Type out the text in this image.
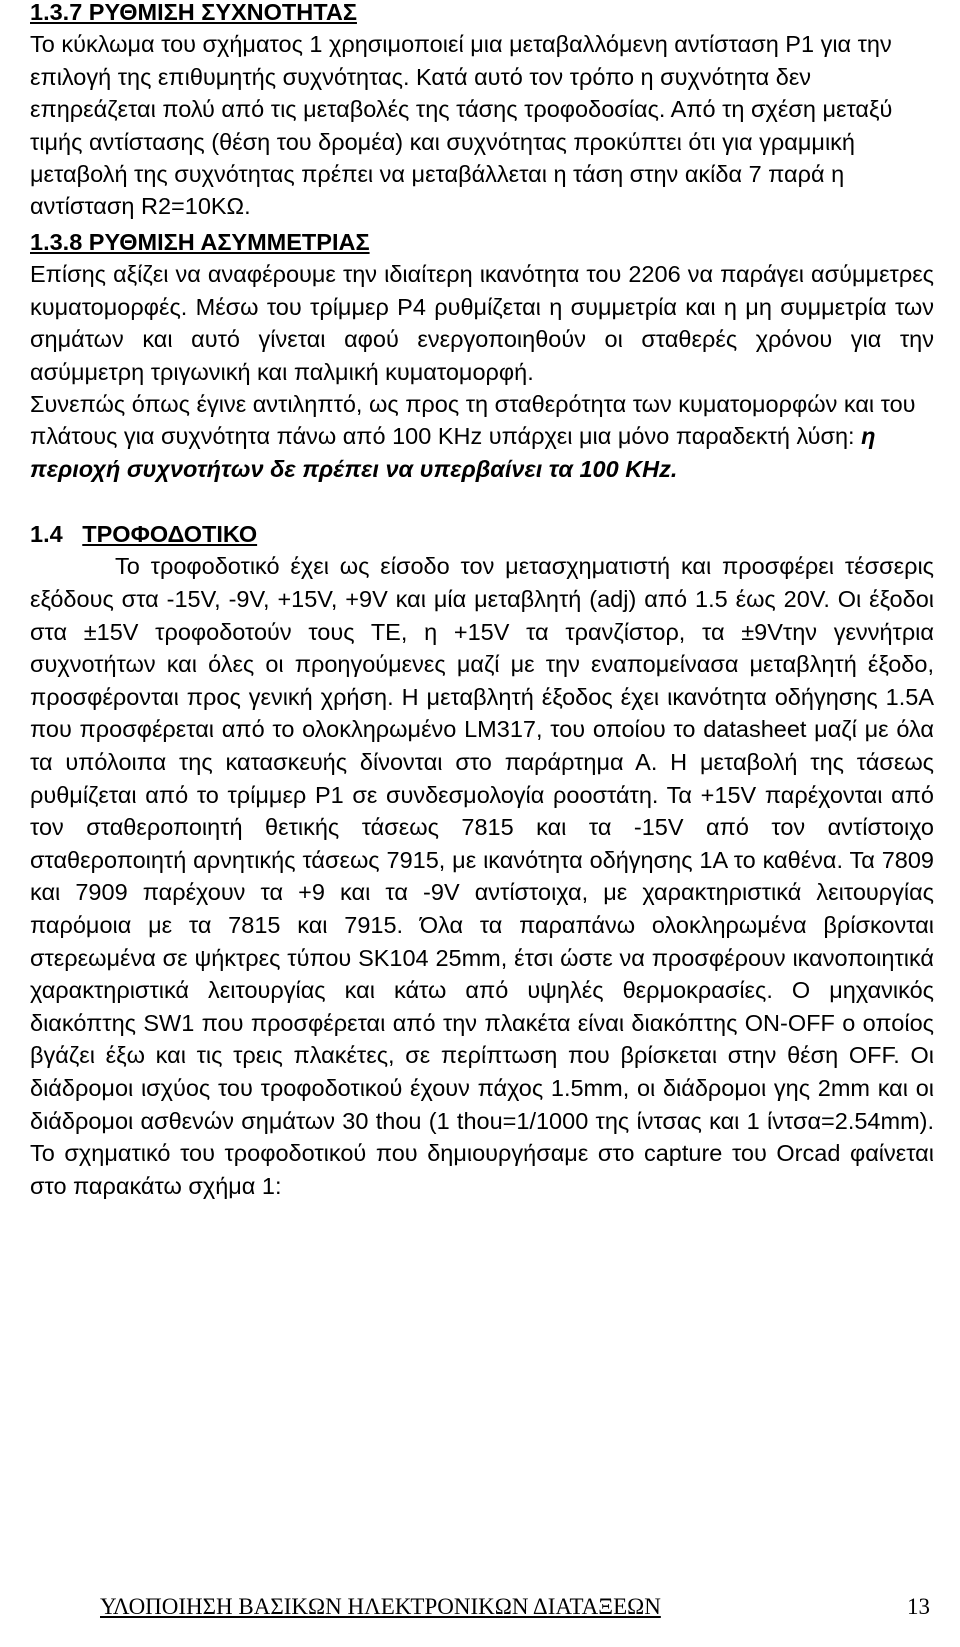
1.3.7 ΡΥΘΜΙΣΗ ΣΥΧΝΟΤΗΤΑΣ
Το κύκλωμα του σχήματος 1 χρησιμοποιεί μια μεταβαλλόμενη αντίσταση P1 για την επιλογή της επιθυμητής συχνότητας. Κατά αυτό τον τρόπο η συχνότητα δεν επηρεάζεται πολύ από τις μεταβολές της τάσης τροφοδοσίας. Από τη σχέση μεταξύ τιμής αντίστασης (θέση του δρομέα) και συχνότητας προκύπτει ότι για γραμμική μεταβολή της συχνότητας πρέπει να μεταβάλλεται η τάση στην ακίδα 7 παρά η αντίσταση R2=10ΚΩ.
1.3.8 ΡΥΘΜΙΣΗ ΑΣΥΜΜΕΤΡΙΑΣ
Επίσης αξίζει να αναφέρουμε την ιδιαίτερη ικανότητα του 2206 να παράγει ασύμμετρες κυματομορφές. Μέσω του τρίμμερ P4 ρυθμίζεται η συμμετρία και η μη συμμετρία των σημάτων και αυτό γίνεται αφού ενεργοποιηθούν οι σταθερές χρόνου για την ασύμμετρη τριγωνική και παλμική κυματομορφή.
Συνεπώς όπως έγινε αντιληπτό, ως προς τη σταθερότητα των κυματομορφών και του πλάτους για συχνότητα πάνω από 100 KHz υπάρχει μια μόνο παραδεκτή λύση: η περιοχή συχνοτήτων δε πρέπει να υπερβαίνει τα 100 KHz.
1.4 ΤΡΟΦΟΔΟΤΙΚΟ
Το τροφοδοτικό έχει ως είσοδο τον μετασχηματιστή και προσφέρει τέσσερις εξόδους στα -15V, -9V, +15V, +9V και μία μεταβλητή (adj) από 1.5 έως 20V. Οι έξοδοι στα ±15V τροφοδοτούν τους ΤΕ, η +15V τα τρανζίστορ, τα ±9Vτην γεννήτρια συχνοτήτων και όλες οι προηγούμενες μαζί με την εναπομείνασα μεταβλητή έξοδο, προσφέρονται προς γενική χρήση. Η μεταβλητή έξοδος έχει ικανότητα οδήγησης 1.5A που προσφέρεται από το ολοκληρωμένο LM317, του οποίου το datasheet μαζί με όλα τα υπόλοιπα της κατασκευής δίνονται στο παράρτημα Α. Η μεταβολή της τάσεως ρυθμίζεται από το τρίμμερ P1 σε συνδεσμολογία ροοστάτη. Τα +15V παρέχονται από τον σταθεροποιητή θετικής τάσεως 7815 και τα -15V από τον αντίστοιχο σταθεροποιητή αρνητικής τάσεως 7915, με ικανότητα οδήγησης 1A το καθένα. Τα 7809 και 7909 παρέχουν τα +9 και τα -9V αντίστοιχα, με χαρακτηριστικά λειτουργίας παρόμοια με τα 7815 και 7915. Όλα τα παραπάνω ολοκληρωμένα βρίσκονται στερεωμένα σε ψήκτρες τύπου SK104 25mm, έτσι ώστε να προσφέρουν ικανοποιητικά χαρακτηριστικά λειτουργίας και κάτω από υψηλές θερμοκρασίες. Ο μηχανικός διακόπτης SW1 που προσφέρεται από την πλακέτα είναι διακόπτης ON-OFF ο οποίος βγάζει έξω και τις τρεις πλακέτες, σε περίπτωση που βρίσκεται στην θέση OFF. Οι διάδρομοι ισχύος του τροφοδοτικού έχουν πάχος 1.5mm, οι διάδρομοι γης 2mm και οι διάδρομοι ασθενών σημάτων 30 thou (1 thou=1/1000 της ίντσας και 1 ίντσα=2.54mm). Το σχηματικό του τροφοδοτικού που δημιουργήσαμε στο capture του Orcad φαίνεται στο παρακάτω σχήμα 1:
ΥΛΟΠΟΙΗΣΗ ΒΑΣΙΚΩΝ ΗΛΕΚΤΡΟΝΙΚΩΝ ΔΙΑΤΑΞΕΩΝ	13
